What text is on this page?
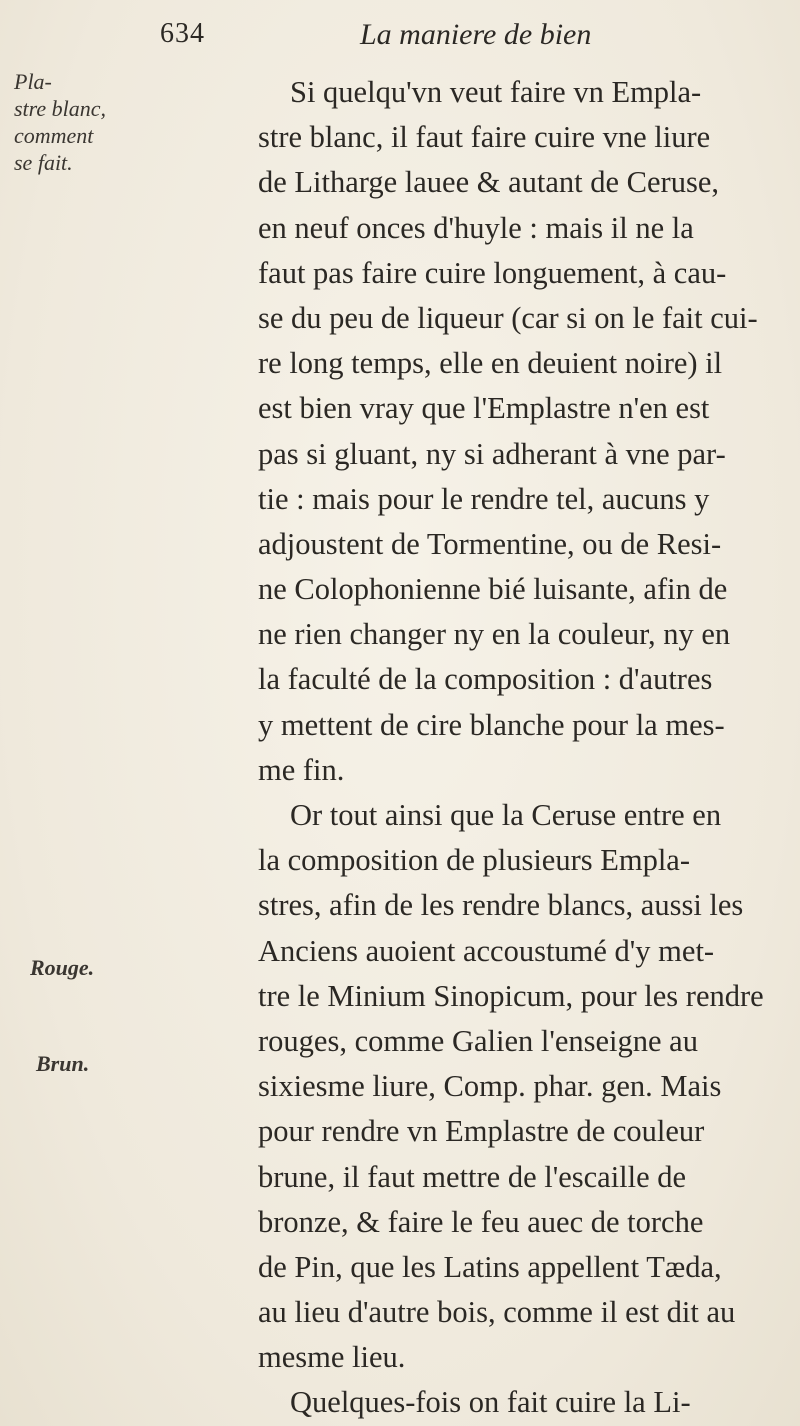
634	La maniere de bien
Pla-
stre blanc,
comment
se fait.
Rouge.
Brun.
Si quelqu'vn veut faire vn Empla-
stre blanc, il faut faire cuire vne liure
de Litharge lauee & autant de Ceruse,
en neuf onces d'huyle : mais il ne la
faut pas faire cuire longuement, à cau-
se du peu de liqueur (car si on le fait cui-
re long temps, elle en deuient noire) il
est bien vray que l'Emplastre n'en est
pas si gluant, ny si adherant à vne par-
tie : mais pour le rendre tel, aucuns y
adjoustent de Tormentine, ou de Resi-
ne Colophonienne bié luisante, afin de
ne rien changer ny en la couleur, ny en
la faculté de la composition : d'autres
y mettent de cire blanche pour la mes-
me fin.
Or tout ainsi que la Ceruse entre en
la composition de plusieurs Empla-
stres, afin de les rendre blancs, aussi les
Anciens auoient accoustumé d'y met-
tre le Minium Sinopicum, pour les rendre
rouges, comme Galien l'enseigne au
sixiesme liure, Comp. phar. gen. Mais
pour rendre vn Emplastre de couleur
brune, il faut mettre de l'escaille de
bronze, & faire le feu auec de torche
de Pin, que les Latins appellent Tæda,
au lieu d'autre bois, comme il est dit au
mesme lieu.
Quelques-fois on fait cuire la Li-
